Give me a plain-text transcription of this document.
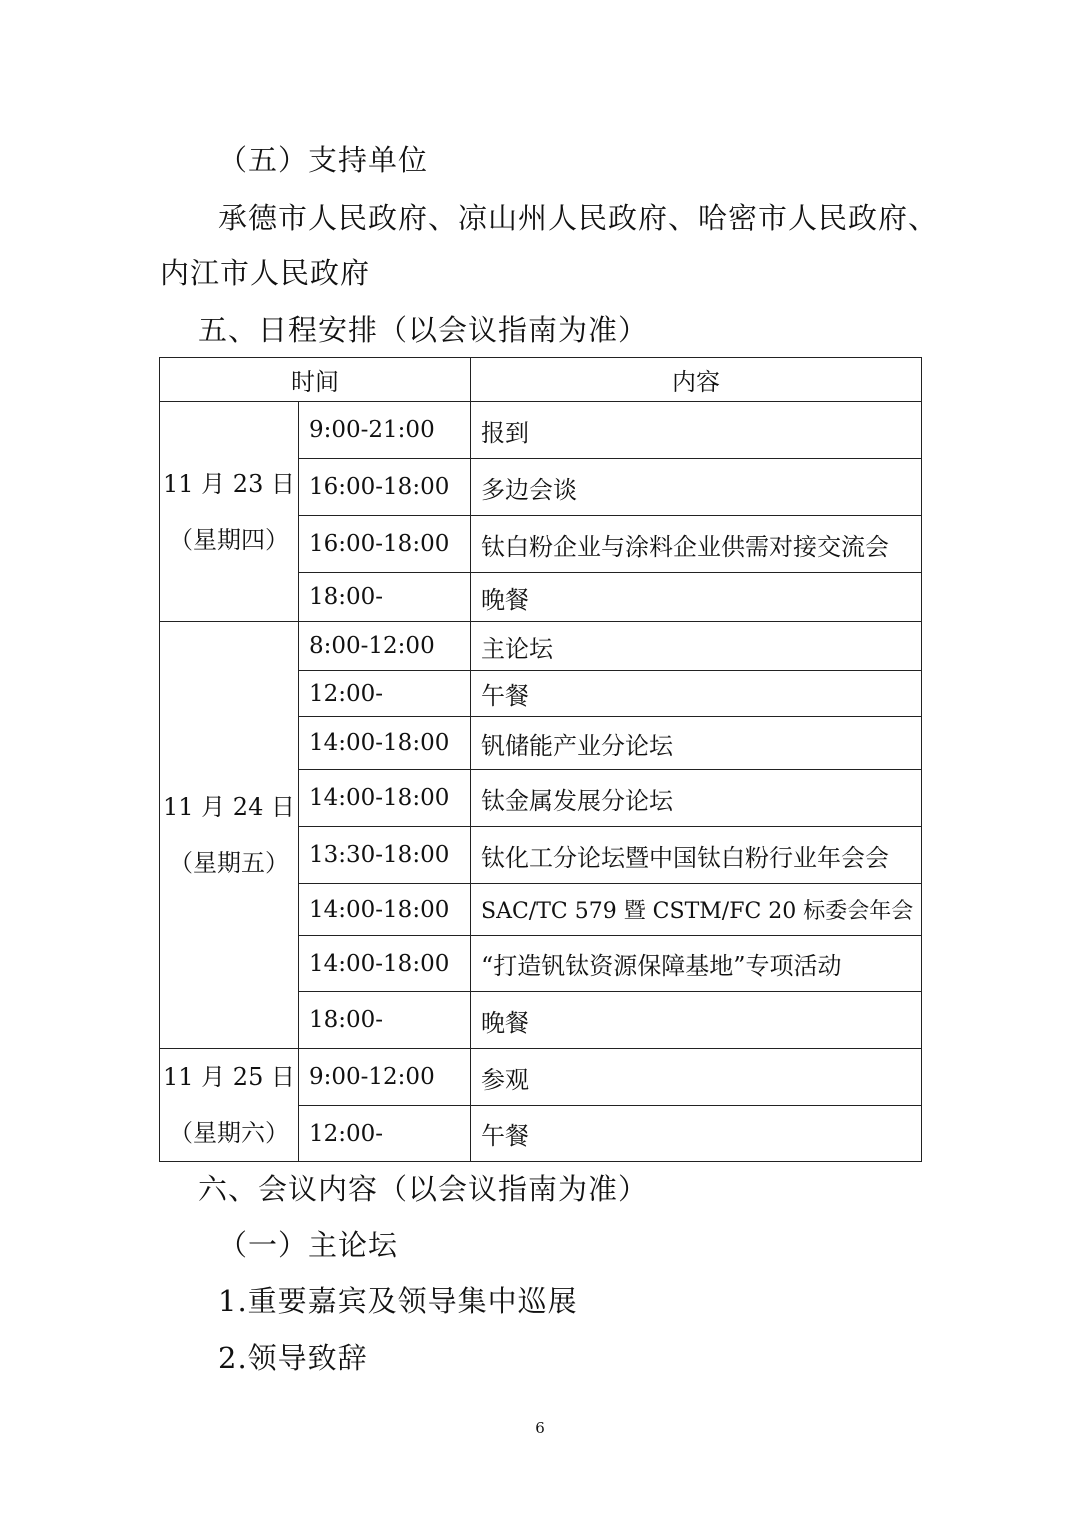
（五）支持单位

承德市人民政府、凉山州人民政府、哈密市人民政府、

内江市人民政府

五、日程安排（以会议指南为准）

时间		内容

11 月 23 日
（星期四）	9:00-21:00	报到
	16:00-18:00	多边会谈
	16:00-18:00	钛白粉企业与涂料企业供需对接交流会
	18:00-	晚餐

11 月 24 日
（星期五）	8:00-12:00	主论坛
	12:00-	午餐
	14:00-18:00	钒储能产业分论坛
	14:00-18:00	钛金属发展分论坛
	13:30-18:00	钛化工分论坛暨中国钛白粉行业年会会
	14:00-18:00	SAC/TC 579 暨 CSTM/FC 20 标委会年会
	14:00-18:00	“打造钒钛资源保障基地”专项活动
	18:00-	晚餐

11 月 25 日
（星期六）	9:00-12:00	参观
	12:00-	午餐

六、会议内容（以会议指南为准）

（一）主论坛

1.重要嘉宾及领导集中巡展

2.领导致辞

6
